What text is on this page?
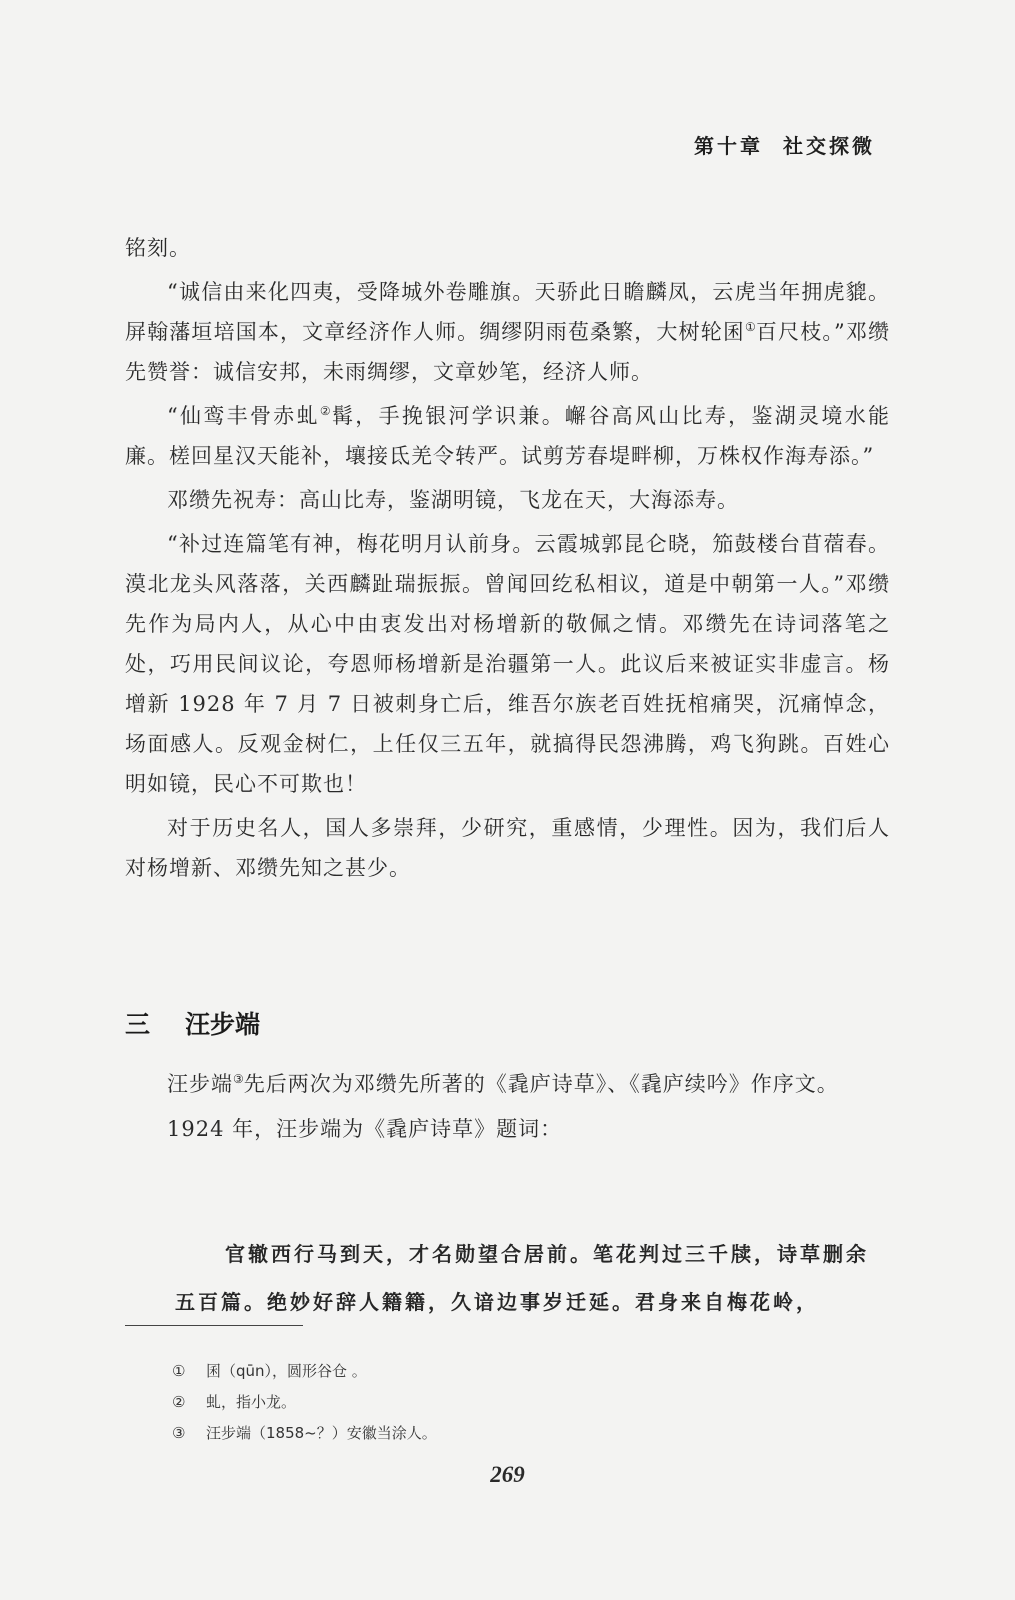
第十章 社交探微

铭刻。

“诚信由来化四夷，受降城外卷雕旗。天骄此日瞻麟凤，云虎当年拥虎貔。屏翰藩垣培国本，文章经济作人师。绸缪阴雨苞桑繁，大树轮囷①百尺枝。”邓缵先赞誉：诚信安邦，未雨绸缪，文章妙笔，经济人师。

“仙鸾丰骨赤虬②髯，手挽银河学识兼。嶰谷高风山比寿，鉴湖灵境水能廉。槎回星汉天能补，壤接氐羌令转严。试剪芳春堤畔柳，万株权作海寿添。”

邓缵先祝寿：高山比寿，鉴湖明镜，飞龙在天，大海添寿。

“补过连篇笔有神，梅花明月认前身。云霞城郭昆仑晓，笳鼓楼台苜蓿春。漠北龙头风落落，关西麟趾瑞振振。曾闻回纥私相议，道是中朝第一人。”邓缵先作为局内人，从心中由衷发出对杨增新的敬佩之情。邓缵先在诗词落笔之处，巧用民间议论，夸恩师杨增新是治疆第一人。此议后来被证实非虚言。杨增新 1928 年 7 月 7 日被刺身亡后，维吾尔族老百姓抚棺痛哭，沉痛悼念，场面感人。反观金树仁，上任仅三五年，就搞得民怨沸腾，鸡飞狗跳。百姓心明如镜，民心不可欺也！

对于历史名人，国人多崇拜，少研究，重感情，少理性。因为，我们后人对杨增新、邓缵先知之甚少。

三 汪步端

汪步端③先后两次为邓缵先所著的《毳庐诗草》、《毳庐续吟》作序文。

1924 年，汪步端为《毳庐诗草》题词：

官辙西行马到天，才名勋望合居前。笔花判过三千牍，诗草删余五百篇。绝妙好辞人籍籍，久谙边事岁迁延。君身来自梅花岭，

① 囷（qūn），圆形谷仓 。
② 虬，指小龙。
③ 汪步端（1858~？）安徽当涂人。
269
